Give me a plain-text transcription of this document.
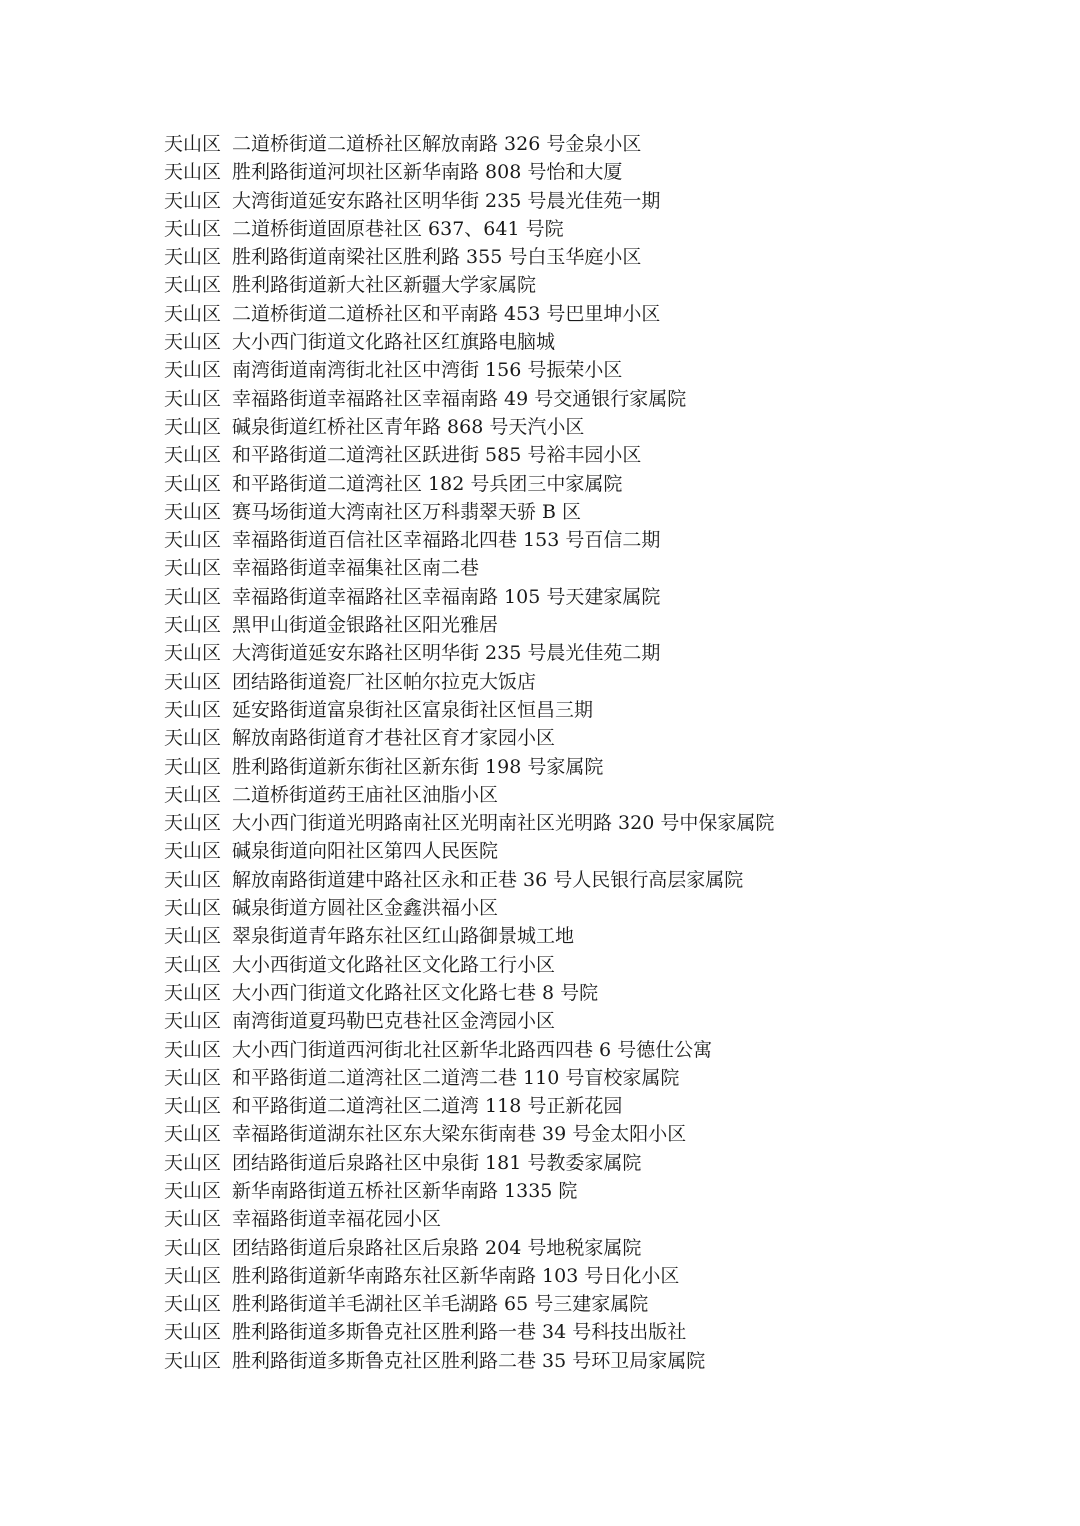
天山区 二道桥街道二道桥社区解放南路 326 号金泉小区
天山区 胜利路街道河坝社区新华南路 808 号怡和大厦
天山区 大湾街道延安东路社区明华街 235 号晨光佳苑一期
天山区 二道桥街道固原巷社区 637、641 号院
天山区 胜利路街道南梁社区胜利路 355 号白玉华庭小区
天山区 胜利路街道新大社区新疆大学家属院
天山区 二道桥街道二道桥社区和平南路 453 号巴里坤小区
天山区 大小西门街道文化路社区红旗路电脑城
天山区 南湾街道南湾街北社区中湾街 156 号振荣小区
天山区 幸福路街道幸福路社区幸福南路 49 号交通银行家属院
天山区 碱泉街道红桥社区青年路 868 号天汽小区
天山区 和平路街道二道湾社区跃进街 585 号裕丰园小区
天山区 和平路街道二道湾社区 182 号兵团三中家属院
天山区 赛马场街道大湾南社区万科翡翠天骄 B 区
天山区 幸福路街道百信社区幸福路北四巷 153 号百信二期
天山区 幸福路街道幸福集社区南二巷
天山区 幸福路街道幸福路社区幸福南路 105 号天建家属院
天山区 黑甲山街道金银路社区阳光雅居
天山区 大湾街道延安东路社区明华街 235 号晨光佳苑二期
天山区 团结路街道瓷厂社区帕尔拉克大饭店
天山区 延安路街道富泉街社区富泉街社区恒昌三期
天山区 解放南路街道育才巷社区育才家园小区
天山区 胜利路街道新东街社区新东街 198 号家属院
天山区 二道桥街道药王庙社区油脂小区
天山区 大小西门街道光明路南社区光明南社区光明路 320 号中保家属院
天山区 碱泉街道向阳社区第四人民医院
天山区 解放南路街道建中路社区永和正巷 36 号人民银行高层家属院
天山区 碱泉街道方圆社区金鑫洪福小区
天山区 翠泉街道青年路东社区红山路御景城工地
天山区 大小西街道文化路社区文化路工行小区
天山区 大小西门街道文化路社区文化路七巷 8 号院
天山区 南湾街道夏玛勒巴克巷社区金湾园小区
天山区 大小西门街道西河街北社区新华北路西四巷 6 号德仕公寓
天山区 和平路街道二道湾社区二道湾二巷 110 号盲校家属院
天山区 和平路街道二道湾社区二道湾 118 号正新花园
天山区 幸福路街道湖东社区东大梁东街南巷 39 号金太阳小区
天山区 团结路街道后泉路社区中泉街 181 号教委家属院
天山区 新华南路街道五桥社区新华南路 1335 院
天山区 幸福路街道幸福花园小区
天山区 团结路街道后泉路社区后泉路 204 号地税家属院
天山区 胜利路街道新华南路东社区新华南路 103 号日化小区
天山区 胜利路街道羊毛湖社区羊毛湖路 65 号三建家属院
天山区 胜利路街道多斯鲁克社区胜利路一巷 34 号科技出版社
天山区 胜利路街道多斯鲁克社区胜利路二巷 35 号环卫局家属院
